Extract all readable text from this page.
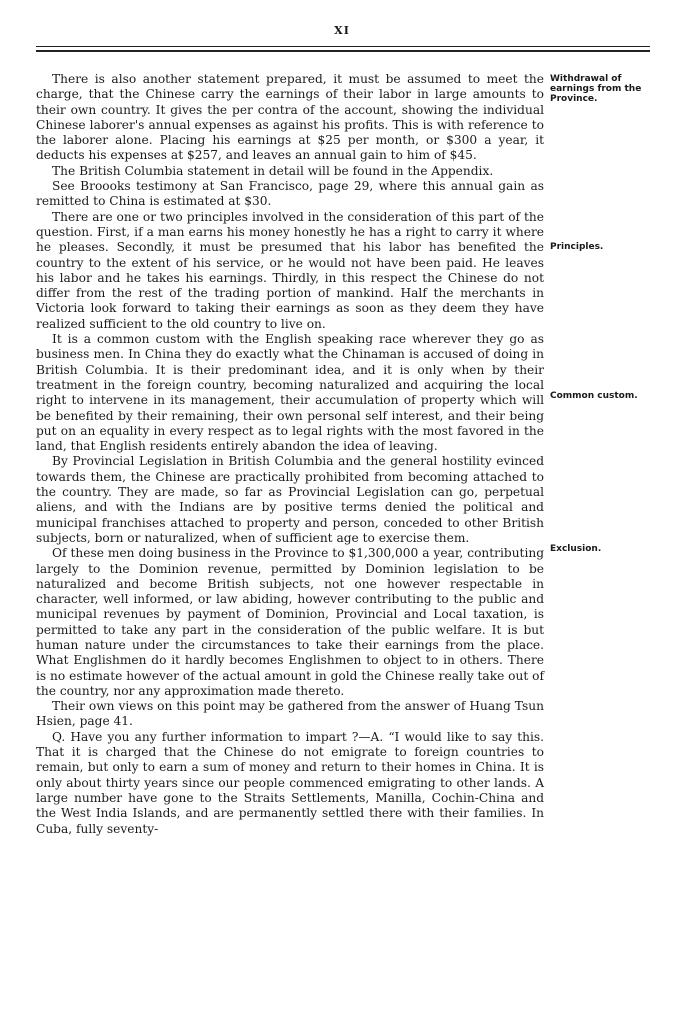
XI
Withdrawal of earnings from the Province.
Principles.
Common custom.
Exclusion.

There is also another statement prepared, it must be assumed to meet the charge, that the Chinese carry the earnings of their labor in large amounts to their own country. It gives the per contra of the account, showing the individual Chinese laborer's annual expenses as against his profits. This is with reference to the laborer alone. Placing his earnings at $25 per month, or $300 a year, it deducts his expenses at $257, and leaves an annual gain to him of $45.

The British Columbia statement in detail will be found in the Appendix.

See Broooks testimony at San Francisco, page 29, where this annual gain as remitted to China is estimated at $30.

There are one or two principles involved in the consideration of this part of the question. First, if a man earns his money honestly he has a right to carry it where he pleases. Secondly, it must be presumed that his labor has benefited the country to the extent of his service, or he would not have been paid. He leaves his labor and he takes his earnings. Thirdly, in this respect the Chinese do not differ from the rest of the trading portion of mankind. Half the merchants in Victoria look forward to taking their earnings as soon as they deem they have realized sufficient to the old country to live on.

It is a common custom with the English speaking race wherever they go as business men. In China they do exactly what the Chinaman is accused of doing in British Columbia. It is their predominant idea, and it is only when by their treatment in the foreign country, becoming naturalized and acquiring the local right to intervene in its management, their accumulation of property which will be benefited by their remaining, their own personal self interest, and their being put on an equality in every respect as to legal rights with the most favored in the land, that English residents entirely abandon the idea of leaving.

By Provincial Legislation in British Columbia and the general hostility evinced towards them, the Chinese are practically prohibited from becoming attached to the country. They are made, so far as Provincial Legislation can go, perpetual aliens, and with the Indians are by positive terms denied the political and municipal franchises attached to property and person, conceded to other British subjects, born or naturalized, when of sufficient age to exercise them.

Of these men doing business in the Province to $1,300,000 a year, contributing largely to the Dominion revenue, permitted by Dominion legislation to be naturalized and become British subjects, not one however respectable in character, well informed, or law abiding, however contributing to the public and municipal revenues by payment of Dominion, Provincial and Local taxation, is permitted to take any part in the consideration of the public welfare. It is but human nature under the circumstances to take their earnings from the place. What Englishmen do it hardly becomes Englishmen to object to in others. There is no estimate however of the actual amount in gold the Chinese really take out of the country, nor any approximation made thereto.

Their own views on this point may be gathered from the answer of Huang Tsun Hsien, page 41.

Q. Have you any further information to impart ?—A. “I would like to say this. That it is charged that the Chinese do not emigrate to foreign countries to remain, but only to earn a sum of money and return to their homes in China. It is only about thirty years since our people commenced emigrating to other lands. A large number have gone to the Straits Settlements, Manilla, Cochin-China and the West India Islands, and are permanently settled there with their families. In Cuba, fully seventy-
